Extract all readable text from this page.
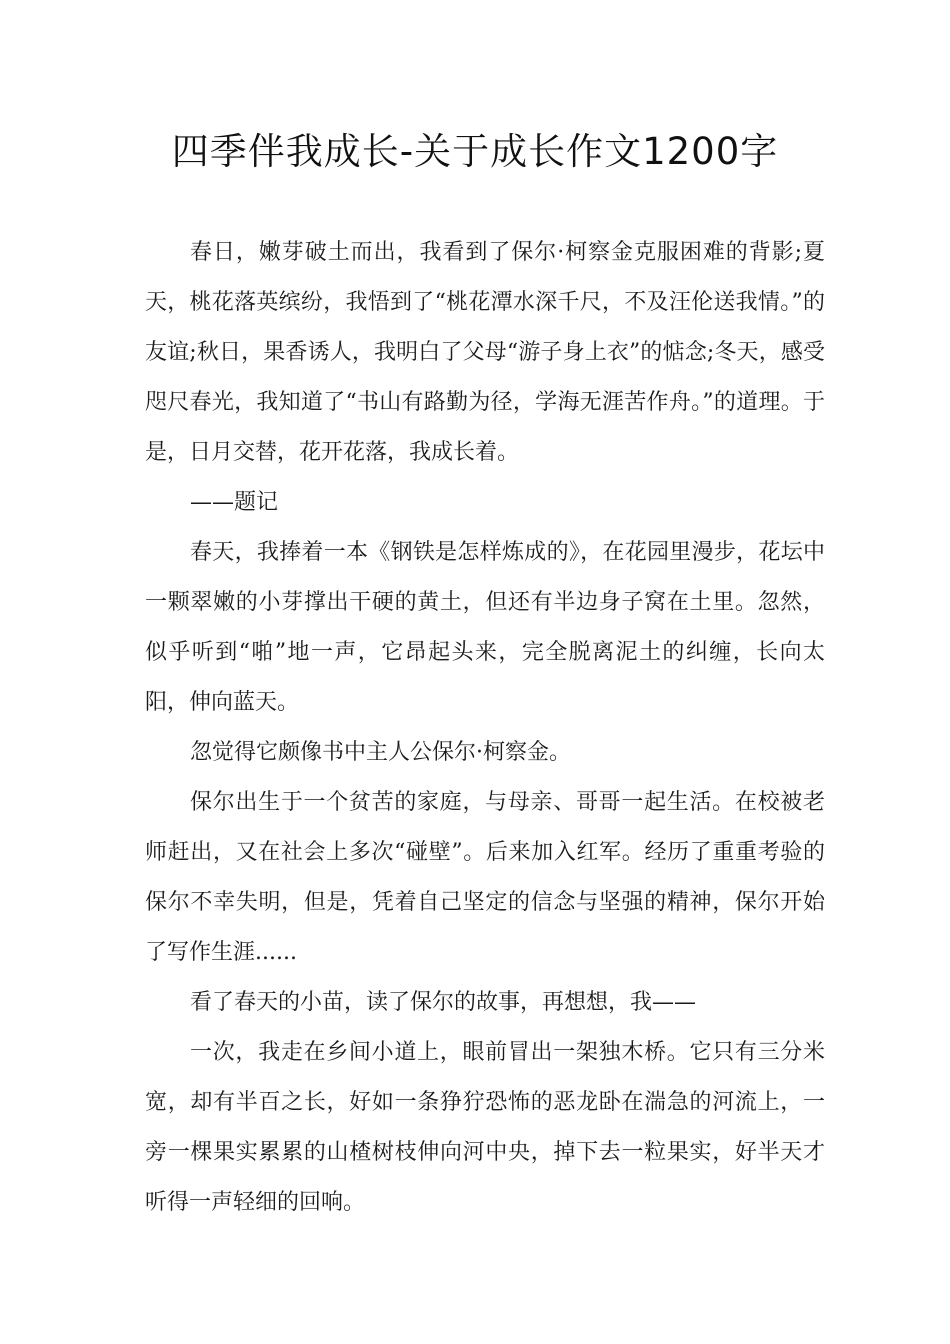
四季伴我成长-关于成长作文1200字

春日，嫩芽破土而出，我看到了保尔·柯察金克服困难的背影;夏天，桃花落英缤纷，我悟到了“桃花潭水深千尺，不及汪伦送我情。”的友谊;秋日，果香诱人，我明白了父母“游子身上衣”的惦念;冬天，感受咫尺春光，我知道了“书山有路勤为径，学海无涯苦作舟。”的道理。于是，日月交替，花开花落，我成长着。

——题记

春天，我捧着一本《钢铁是怎样炼成的》，在花园里漫步，花坛中一颗翠嫩的小芽撑出干硬的黄土，但还有半边身子窝在土里。忽然，似乎听到“啪”地一声，它昂起头来，完全脱离泥土的纠缠，长向太阳，伸向蓝天。

忽觉得它颇像书中主人公保尔·柯察金。

保尔出生于一个贫苦的家庭，与母亲、哥哥一起生活。在校被老师赶出，又在社会上多次“碰壁”。后来加入红军。经历了重重考验的保尔不幸失明，但是，凭着自己坚定的信念与坚强的精神，保尔开始了写作生涯......

看了春天的小苗，读了保尔的故事，再想想，我——

一次，我走在乡间小道上，眼前冒出一架独木桥。它只有三分米宽，却有半百之长，好如一条狰狞恐怖的恶龙卧在湍急的河流上，一旁一棵果实累累的山楂树枝伸向河中央，掉下去一粒果实，好半天才听得一声轻细的回响。
